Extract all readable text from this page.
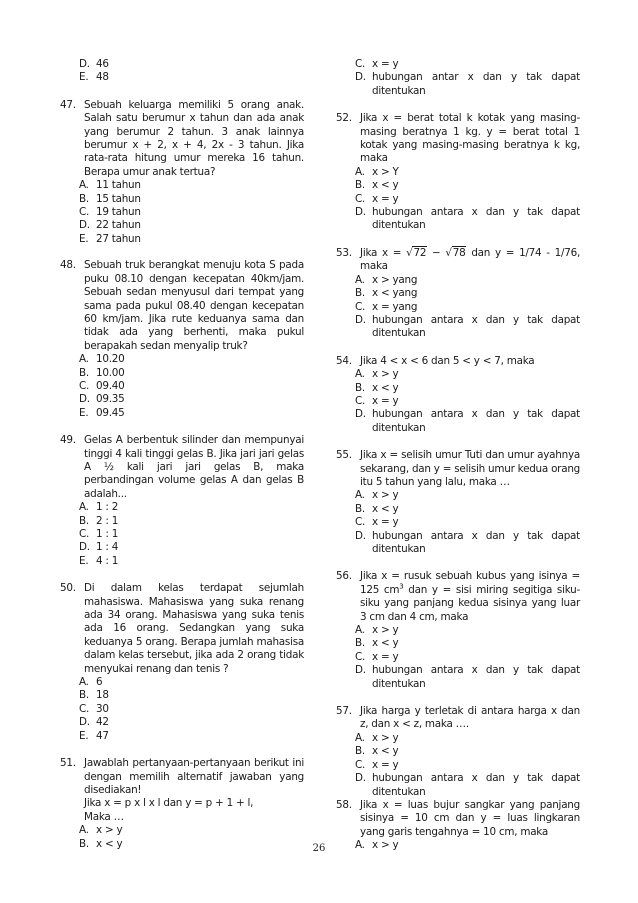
D. 46
E. 48
47. Sebuah keluarga memiliki 5 orang anak. Salah satu berumur x tahun dan ada anak yang berumur 2 tahun. 3 anak lainnya berumur x + 2, x + 4, 2x - 3 tahun. Jika rata-rata hitung umur mereka 16 tahun. Berapa umur anak tertua?
A. 11 tahun
B. 15 tahun
C. 19 tahun
D. 22 tahun
E. 27 tahun
48. Sebuah truk berangkat menuju kota S pada puku 08.10 dengan kecepatan 40km/jam. Sebuah sedan menyusul dari tempat yang sama pada pukul 08.40 dengan kecepatan 60 km/jam. Jika rute keduanya sama dan tidak ada yang berhenti, maka pukul berapakah sedan menyalip truk?
A. 10.20
B. 10.00
C. 09.40
D. 09.35
E. 09.45
49. Gelas A berbentuk silinder dan mempunyai tinggi 4 kali tinggi gelas B. Jika jari jari gelas A ½ kali jari jari gelas B, maka perbandingan volume gelas A dan gelas B adalah...
A. 1 : 2
B. 2 : 1
C. 1 : 1
D. 1 : 4
E. 4 : 1
50. Di dalam kelas terdapat sejumlah mahasiswa. Mahasiswa yang suka renang ada 34 orang. Mahasiswa yang suka tenis ada 16 orang. Sedangkan yang suka keduanya 5 orang. Berapa jumlah mahasisa dalam kelas tersebut, jika ada 2 orang tidak menyukai renang dan tenis ?
A. 6
B. 18
C. 30
D. 42
E. 47
51. Jawablah pertanyaan-pertanyaan berikut ini dengan memilih alternatif jawaban yang disediakan!
Jika x = p x l x l dan y = p + 1 + l,
Maka …
A. x > y
B. x < y
C. x = y
D. hubungan antar x dan y tak dapat ditentukan
52. Jika x = berat total k kotak yang masing-masing beratnya 1 kg. y = berat total 1 kotak yang masing-masing beratnya k kg, maka
A. x > Y
B. x < y
C. x = y
D. hubungan antara x dan y tak dapat ditentukan
53. Jika x = √72 − √78 dan y = 1/74 - 1/76, maka
A. x > yang
B. x < yang
C. x = yang
D. hubungan antara x dan y tak dapat ditentukan
54. Jika 4 < x < 6 dan 5 < y < 7, maka
A. x > y
B. x < y
C. x = y
D. hubungan antara x dan y tak dapat ditentukan
55. Jika x = selisih umur Tuti dan umur ayahnya sekarang, dan y = selisih umur kedua orang itu 5 tahun yang lalu, maka …
A. x > y
B. x < y
C. x = y
D. hubungan antara x dan y tak dapat ditentukan
56. Jika x = rusuk sebuah kubus yang isinya = 125 $cm^3$ dan y = sisi miring segitiga siku-siku yang panjang kedua sisinya yang luar 3 cm dan 4 cm, maka
A. x > y
B. x < y
C. x = y
D. hubungan antara x dan y tak dapat ditentukan
57. Jika harga y terletak di antara harga x dan z, dan x < z, maka ….
A. x > y
B. x < y
C. x = y
D. hubungan antara x dan y tak dapat ditentukan
58. Jika x = luas bujur sangkar yang panjang sisinya = 10 cm dan y = luas lingkaran yang garis tengahnya = 10 cm, maka
A. x > y
26
